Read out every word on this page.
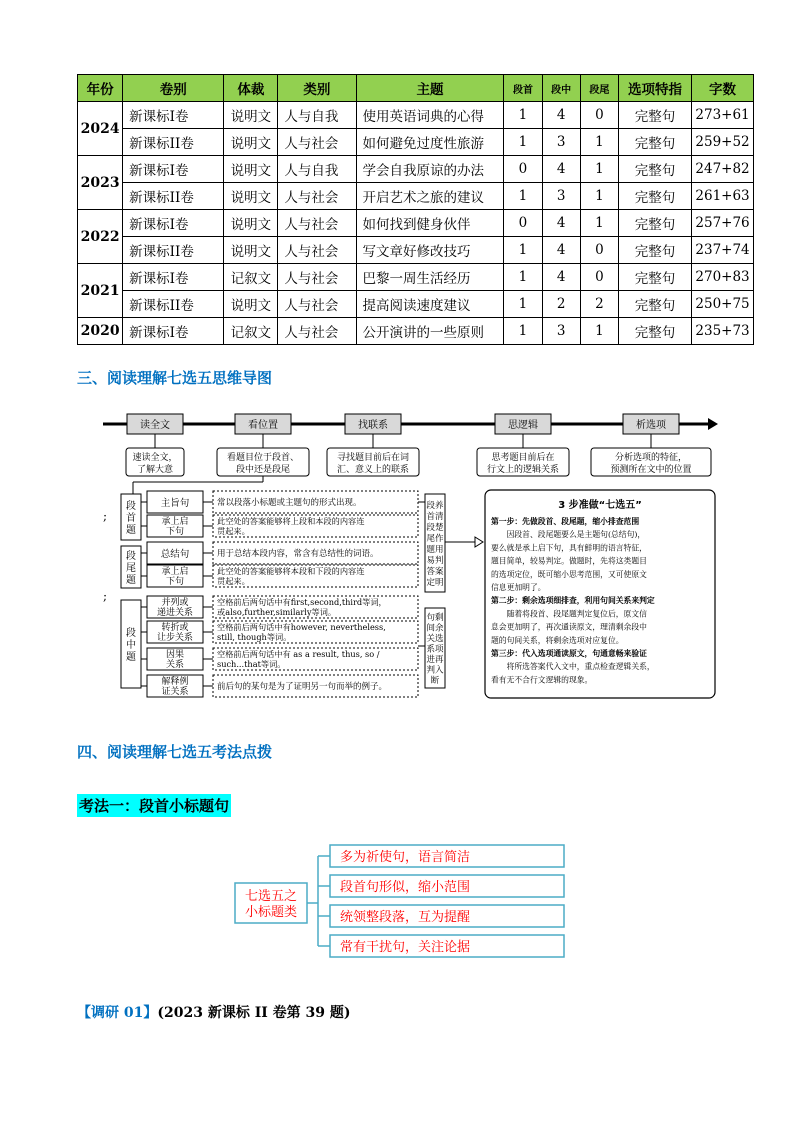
年份	卷别	体裁	类别	主题	段首	段中	段尾	选项特指	字数
2024	新课标I卷	说明文	人与自我	使用英语词典的心得	1	4	0	完整句	273+61
	新课标II卷	说明文	人与社会	如何避免过度性旅游	1	3	1	完整句	259+52
2023	新课标I卷	说明文	人与自我	学会自我原谅的办法	0	4	1	完整句	247+82
	新课标II卷	说明文	人与社会	开启艺术之旅的建议	1	3	1	完整句	261+63
2022	新课标I卷	说明文	人与社会	如何找到健身伙伴	0	4	1	完整句	257+76
	新课标II卷	说明文	人与社会	写文章好修改技巧	1	4	0	完整句	237+74
2021	新课标I卷	记叙文	人与社会	巴黎一周生活经历	1	4	0	完整句	270+83
	新课标II卷	说明文	人与社会	提高阅读速度建议	1	2	2	完整句	250+75
2020	新课标I卷	记叙文	人与社会	公开演讲的一些原则	1	3	1	完整句	235+73
三、阅读理解七选五思维导图
读全文
速读全文，
了解大意
看位置
看题目位于段首、
段中还是段尾
找联系
寻找题目前后在词
汇、意义上的联系
思逻辑
思考题目前后在
行文上的逻辑关系
析选项
分析选项的特征，
预测所在文中的位置
;
;
段
首
题
段
尾
题
段
中
题
主旨句	常以段落小标题或主题句的形式出现。
承上启
下句
此空处的答案能够将上段和本段的内容连
贯起来。
总结句	用于总结本段内容，常含有总结性的词语。
承上启
下句
此空处的答案能够将本段和下段的内容连
贯起来。
并列或
递进关系
空格前后两句话中有first,second,third等词，
或also,further,similarly等词。
转折或
让步关系
空格前后两句话中有however, nevertheless,
still, though等词。
因果
关系
空格前后两句话中有 as a result, thus, so /
such...that等词。
解释例
证关系	前后句的某句是为了证明另一句而举的例子。
段养
首清
段楚
尾作
题用
易判
答案
定明
句剩
间余
关选
系项
进再
判入
断
3 步准做“七选五”
第一步：先做段首、段尾题，缩小排查范围
　　因段首、段尾题要么是主题句(总结句)，
要么就是承上启下句，具有鲜明的语言特征，
题目简单，较易判定。做题时，先将这类题目
的选项定位，既可缩小思考范围，又可使原文
信息更加明了。
第二步：剩余选项细排查，利用句间关系来判定
　　随着将段首、段尾题判定复位后，原文信
息会更加明了，再次通读原文，理清剩余段中
题的句间关系，将剩余选项对应复位。
第三步：代入选项通读原文，句通意畅来验证
　　将所选答案代入文中，重点检查逻辑关系，
看有无不合行文逻辑的现象。
四、阅读理解七选五考法点拨
考法一：段首小标题句
七选五之
小标题类
多为祈使句，语言简洁
段首句形似，缩小范围
统领整段落，互为提醒
常有干扰句，关注论据
【调研 01】(2023 新课标 II 卷第 39 题)
